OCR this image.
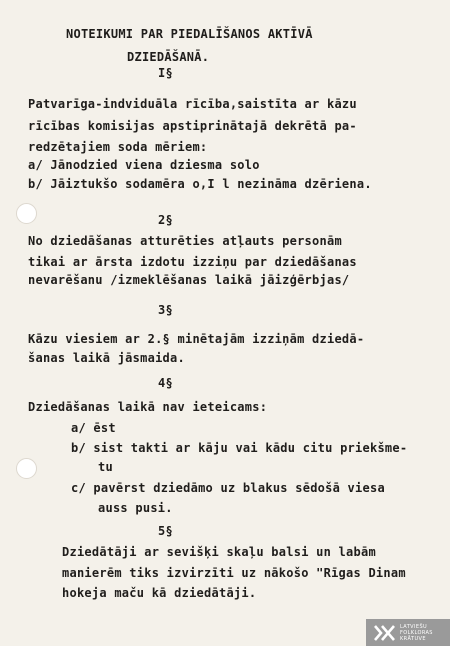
NOTEIKUMI PAR PIEDALĪŠANOS AKTĪVĀ
DZIEDĀŠANĀ.
I§
Patvarīga-indviduāla rīcība,saistīta ar kāzu
rīcības komisijas apstiprinātajā dekrētā pa-
redzētajiem soda mēriem:
a/ Jānodzied viena dziesma solo
b/ Jāiztukšo sodamēra o,I l nezināma dzēriena.
2§
No dziedāšanas atturēties atļauts personām
tikai ar ārsta izdotu izziņu par dziedāšanas
nevarēšanu /izmeklēšanas laikā jāizģērbjas/
3§
Kāzu viesiem ar 2.§ minētajām izziņām dziedā-
šanas laikā jāsmaida.
4§
Dziedāšanas laikā nav ieteicams:
a/ ēst
b/ sist takti ar kāju vai kādu citu priekšme-
tu
c/ pavērst dziedāmo uz blakus sēdošā viesa
auss pusi.
5§
Dziedātāji ar sevišķi skaļu balsi un labām
manierēm tiks izvirzīti uz nākošo "Rīgas Dinam
hokeja maču kā dziedātāji.
LATVIEŠU
FOLKLORAS
KRĀTUVE
